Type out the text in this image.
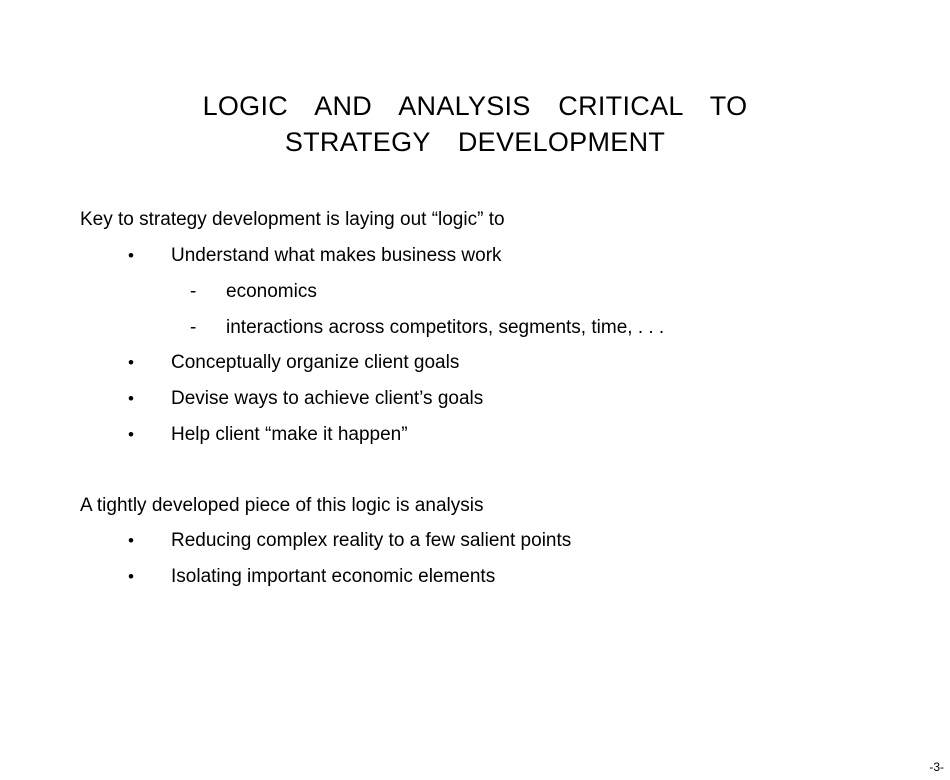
LOGIC  AND  ANALYSIS  CRITICAL  TO
STRATEGY  DEVELOPMENT
Key to strategy development is laying out “logic” to
• Understand what makes business work
- economics
- interactions across competitors, segments, time, . . .
• Conceptually organize client goals
• Devise ways to achieve client’s goals
• Help client “make it happen”
A tightly developed piece of this logic is analysis
• Reducing complex reality to a few salient points
• Isolating important economic elements
-3-
